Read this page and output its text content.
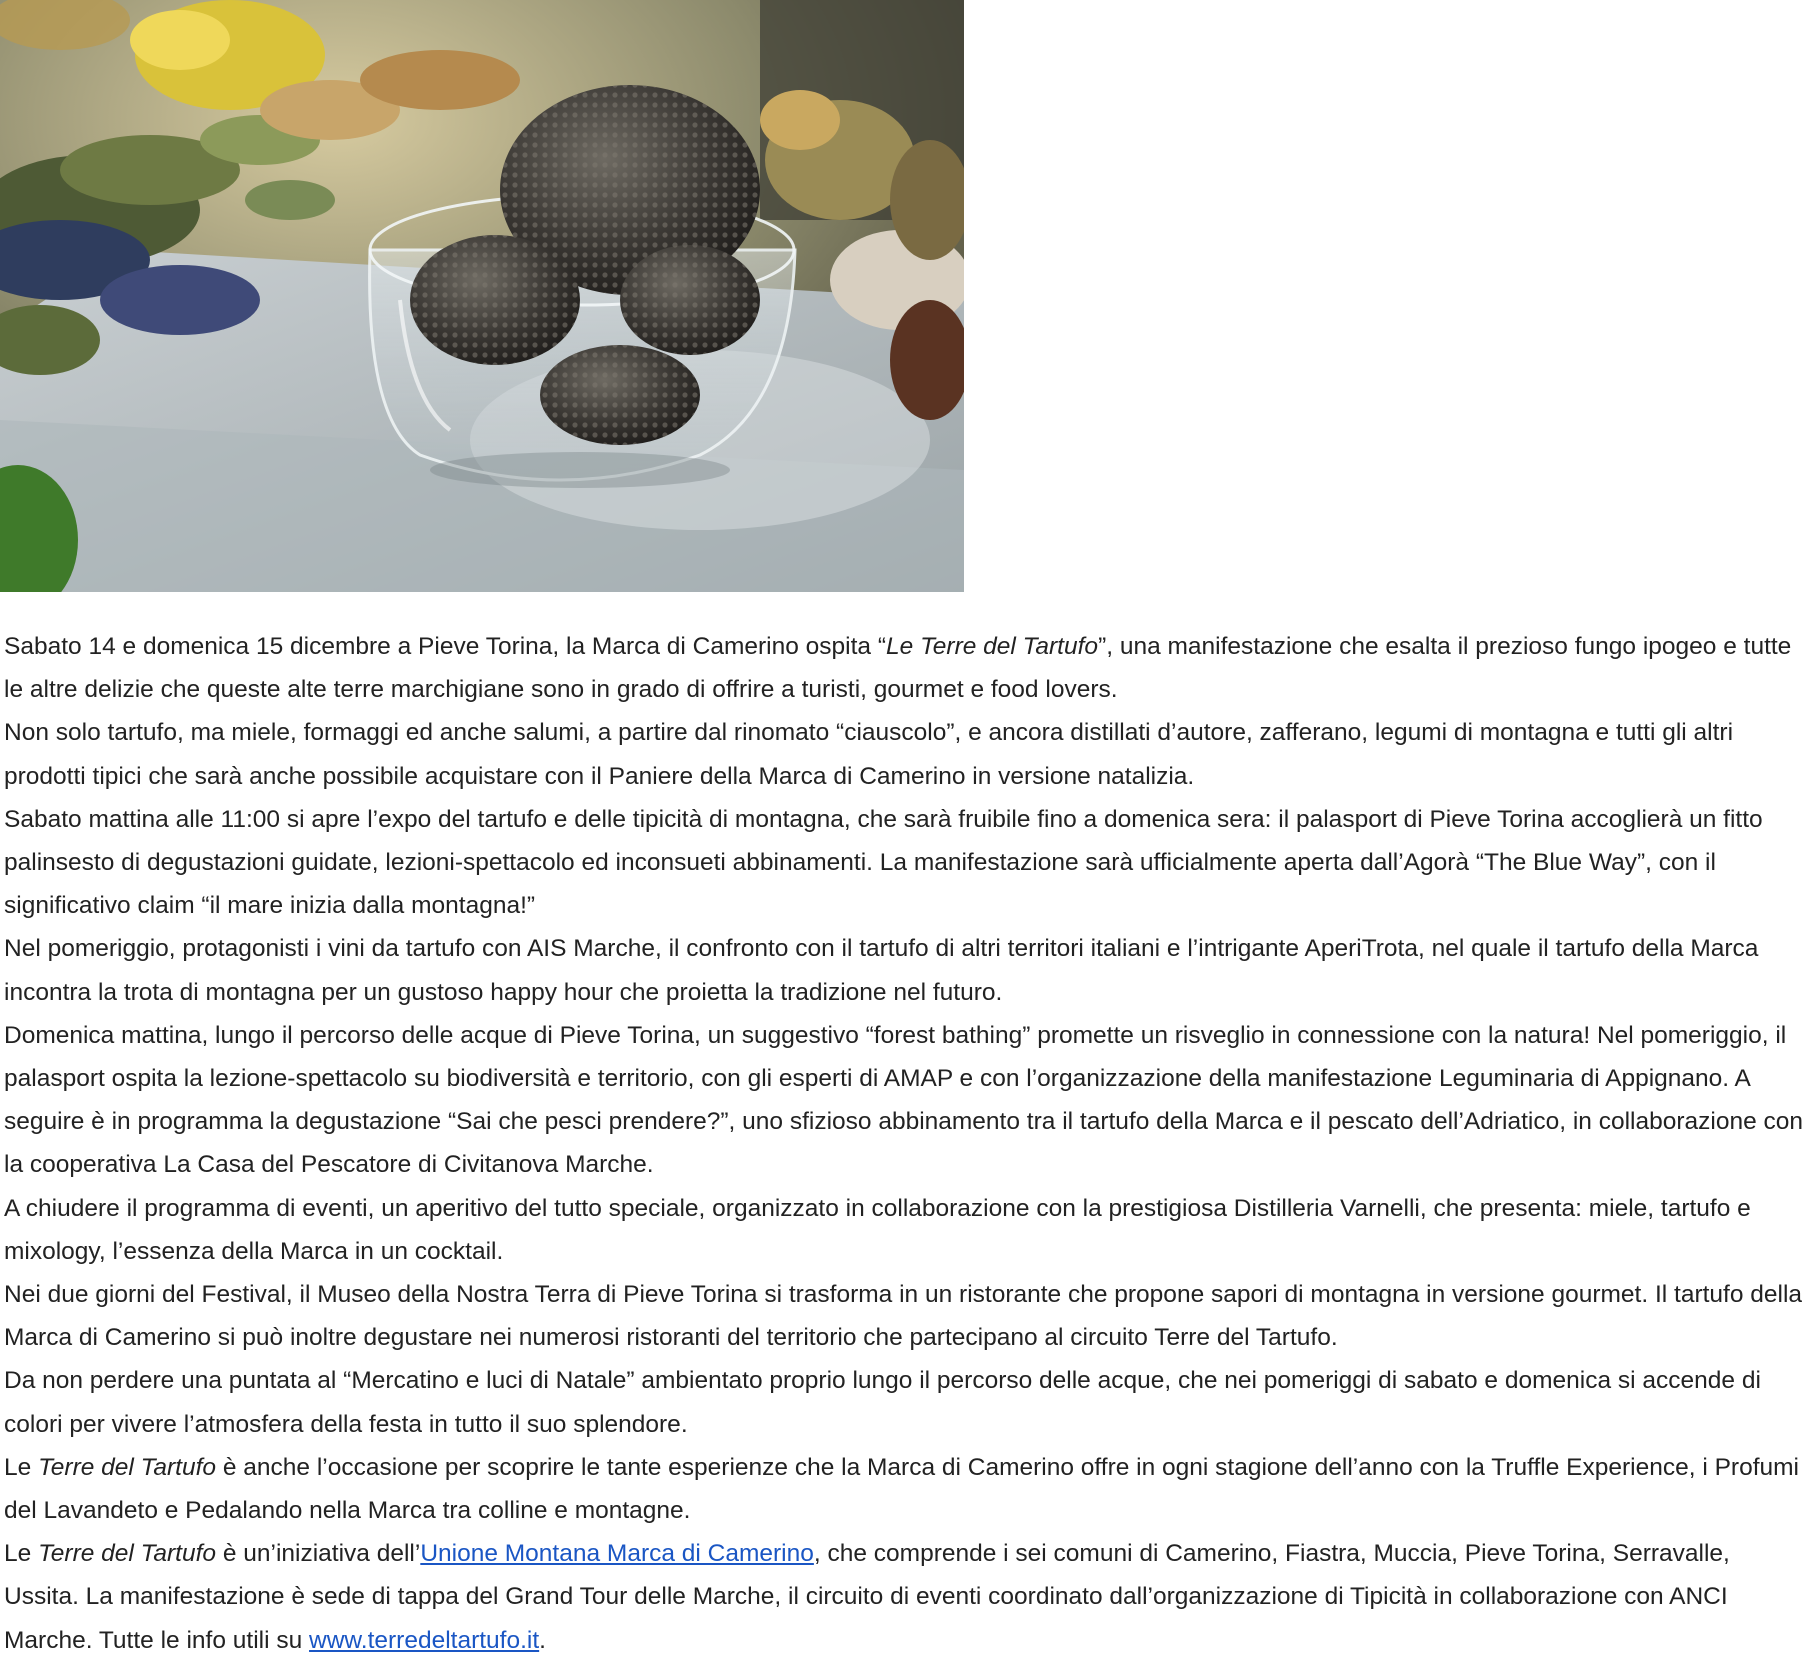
Sabato 14 e domenica 15 dicembre a Pieve Torina, la Marca di Camerino ospita “Le Terre del Tartufo”, una manifestazione che esalta il prezioso fungo ipogeo e tutte le altre delizie che queste alte terre marchigiane sono in grado di offrire a turisti, gourmet e food lovers.

Non solo tartufo, ma miele, formaggi ed anche salumi, a partire dal rinomato “ciauscolo”, e ancora distillati d’autore, zafferano, legumi di montagna e tutti gli altri prodotti tipici che sarà anche possibile acquistare con il Paniere della Marca di Camerino in versione natalizia.

Sabato mattina alle 11:00 si apre l’expo del tartufo e delle tipicità di montagna, che sarà fruibile fino a domenica sera: il palasport di Pieve Torina accoglierà un fitto palinsesto di degustazioni guidate, lezioni-spettacolo ed inconsueti abbinamenti. La manifestazione sarà ufficialmente aperta dall’Agorà “The Blue Way”, con il significativo claim “il mare inizia dalla montagna!”

Nel pomeriggio, protagonisti i vini da tartufo con AIS Marche, il confronto con il tartufo di altri territori italiani e l’intrigante AperiTrota, nel quale il tartufo della Marca incontra la trota di montagna per un gustoso happy hour che proietta la tradizione nel futuro.

Domenica mattina, lungo il percorso delle acque di Pieve Torina, un suggestivo “forest bathing” promette un risveglio in connessione con la natura! Nel pomeriggio, il palasport ospita la lezione-spettacolo su biodiversità e territorio, con gli esperti di AMAP e con l’organizzazione della manifestazione Leguminaria di Appignano. A seguire è in programma la degustazione “Sai che pesci prendere?”, uno sfizioso abbinamento tra il tartufo della Marca e il pescato dell’Adriatico, in collaborazione con la cooperativa La Casa del Pescatore di Civitanova Marche.

A chiudere il programma di eventi, un aperitivo del tutto speciale, organizzato in collaborazione con la prestigiosa Distilleria Varnelli, che presenta: miele, tartufo e mixology, l’essenza della Marca in un cocktail.

Nei due giorni del Festival, il Museo della Nostra Terra di Pieve Torina si trasforma in un ristorante che propone sapori di montagna in versione gourmet. Il tartufo della Marca di Camerino si può inoltre degustare nei numerosi ristoranti del territorio che partecipano al circuito Terre del Tartufo.

Da non perdere una puntata al “Mercatino e luci di Natale” ambientato proprio lungo il percorso delle acque, che nei pomeriggi di sabato e domenica si accende di colori per vivere l’atmosfera della festa in tutto il suo splendore.

Le Terre del Tartufo è anche l’occasione per scoprire le tante esperienze che la Marca di Camerino offre in ogni stagione dell’anno con la Truffle Experience, i Profumi del Lavandeto e Pedalando nella Marca tra colline e montagne.

Le Terre del Tartufo è un’iniziativa dell’Unione Montana Marca di Camerino, che comprende i sei comuni di Camerino, Fiastra, Muccia, Pieve Torina, Serravalle, Ussita. La manifestazione è sede di tappa del Grand Tour delle Marche, il circuito di eventi coordinato dall’organizzazione di Tipicità in collaborazione con ANCI Marche. Tutte le info utili su www.terredeltartufo.it.
